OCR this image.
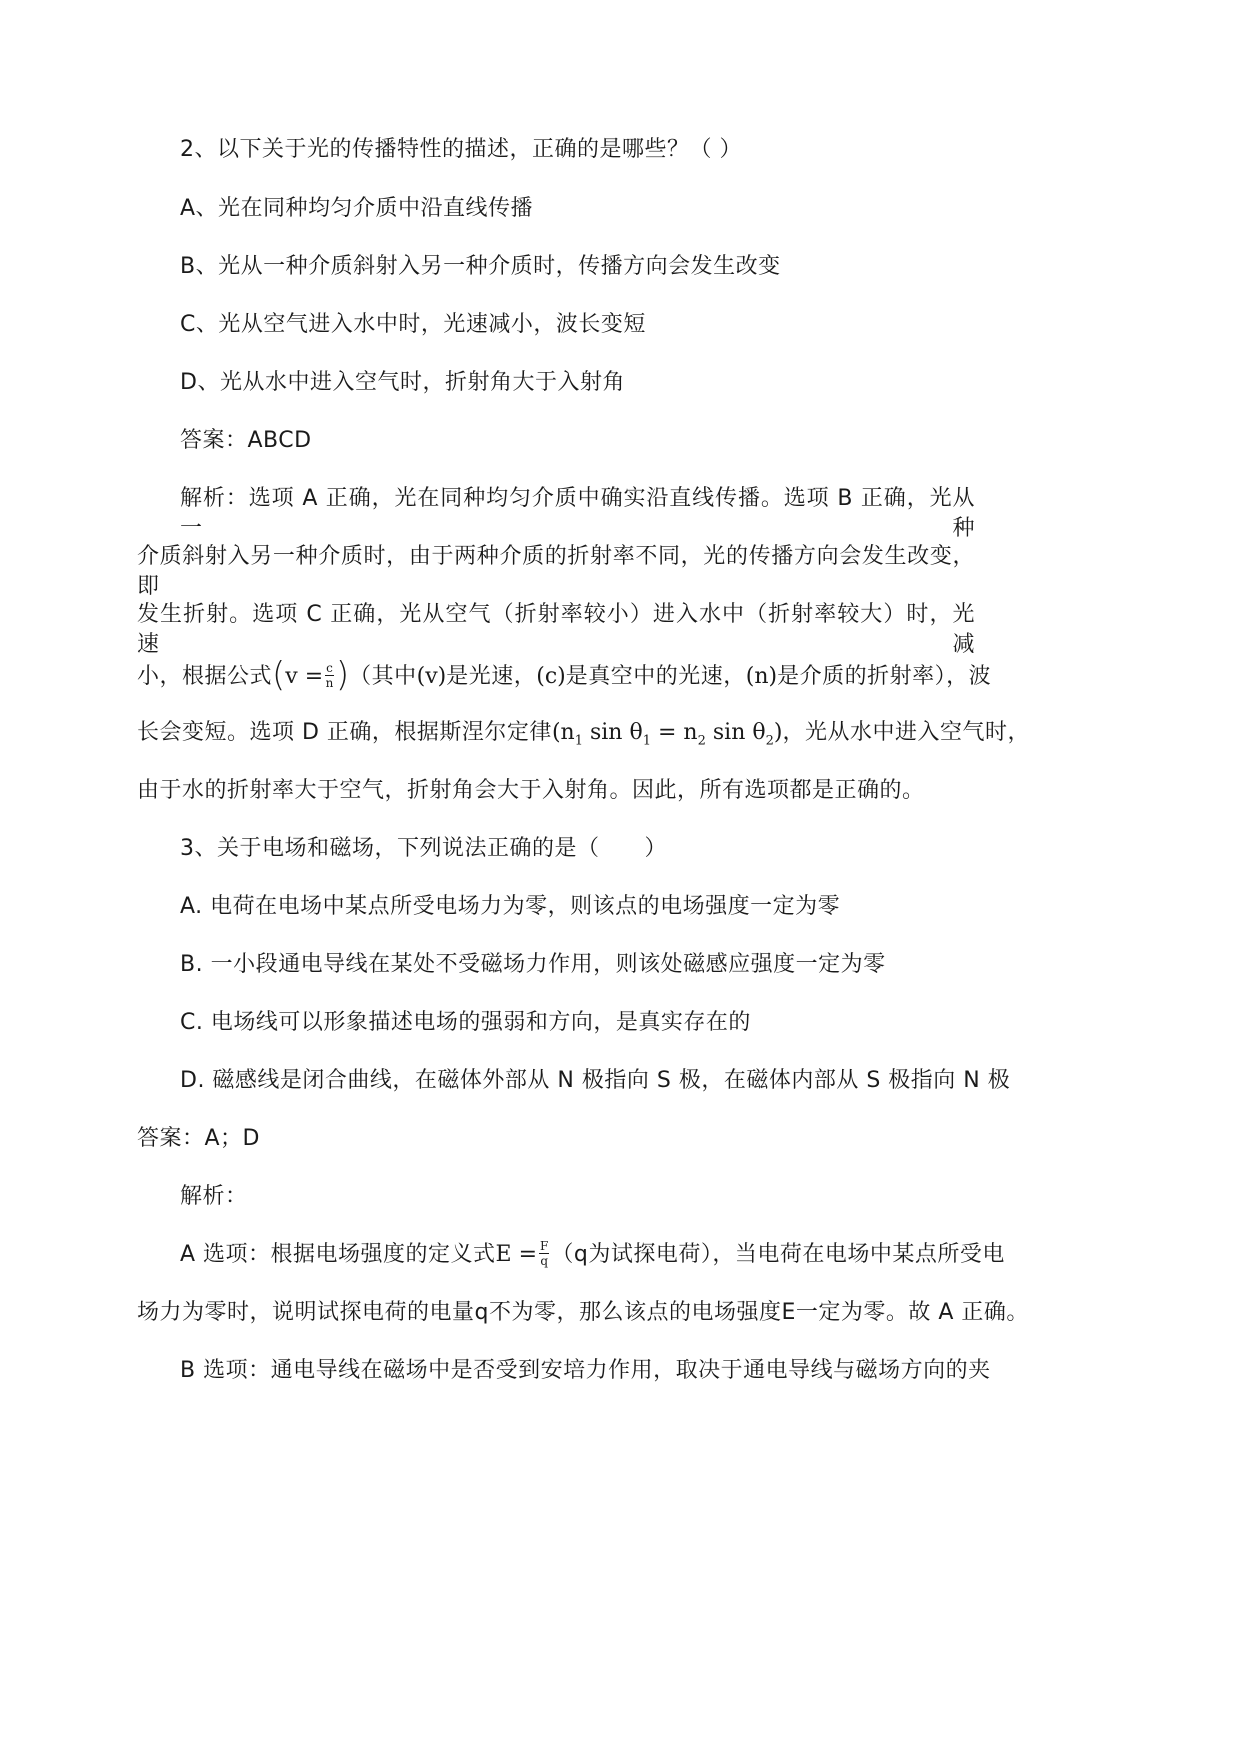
2、以下关于光的传播特性的描述，正确的是哪些？（ ）
A、光在同种均匀介质中沿直线传播
B、光从一种介质斜射入另一种介质时，传播方向会发生改变
C、光从空气进入水中时，光速减小，波长变短
D、光从水中进入空气时，折射角大于入射角
答案：ABCD
解析：选项 A 正确，光在同种均匀介质中确实沿直线传播。选项 B 正确，光从一种
介质斜射入另一种介质时，由于两种介质的折射率不同，光的传播方向会发生改变，即
发生折射。选项 C 正确，光从空气（折射率较小）进入水中（折射率较大）时，光速减
小，根据公式($v = \frac{c}{n}$ )（其中(v)是光速，(c)是真空中的光速，(n)是介质的折射率），波
长会变短。选项 D 正确，根据斯涅尔定律($n_1$ $\sin \theta_1 = n_2$ $\sin \theta_2$)，光从水中进入空气时，
由于水的折射率大于空气，折射角会大于入射角。因此，所有选项都是正确的。
3、关于电场和磁场，下列说法正确的是（　　）
A. 电荷在电场中某点所受电场力为零，则该点的电场强度一定为零
B. 一小段通电导线在某处不受磁场力作用，则该处磁感应强度一定为零
C. 电场线可以形象描述电场的强弱和方向，是真实存在的
D. 磁感线是闭合曲线，在磁体外部从 N 极指向 S 极，在磁体内部从 S 极指向 N 极
答案：A；D
解析：
A 选项：根据电场强度的定义式$E = \frac{F}{q} (q$为试探电荷），当电荷在电场中某点所受电
场力为零时，说明试探电荷的电量q不为零，那么该点的电场强度E一定为零。故 A 正确。
B 选项：通电导线在磁场中是否受到安培力作用，取决于通电导线与磁场方向的夹
